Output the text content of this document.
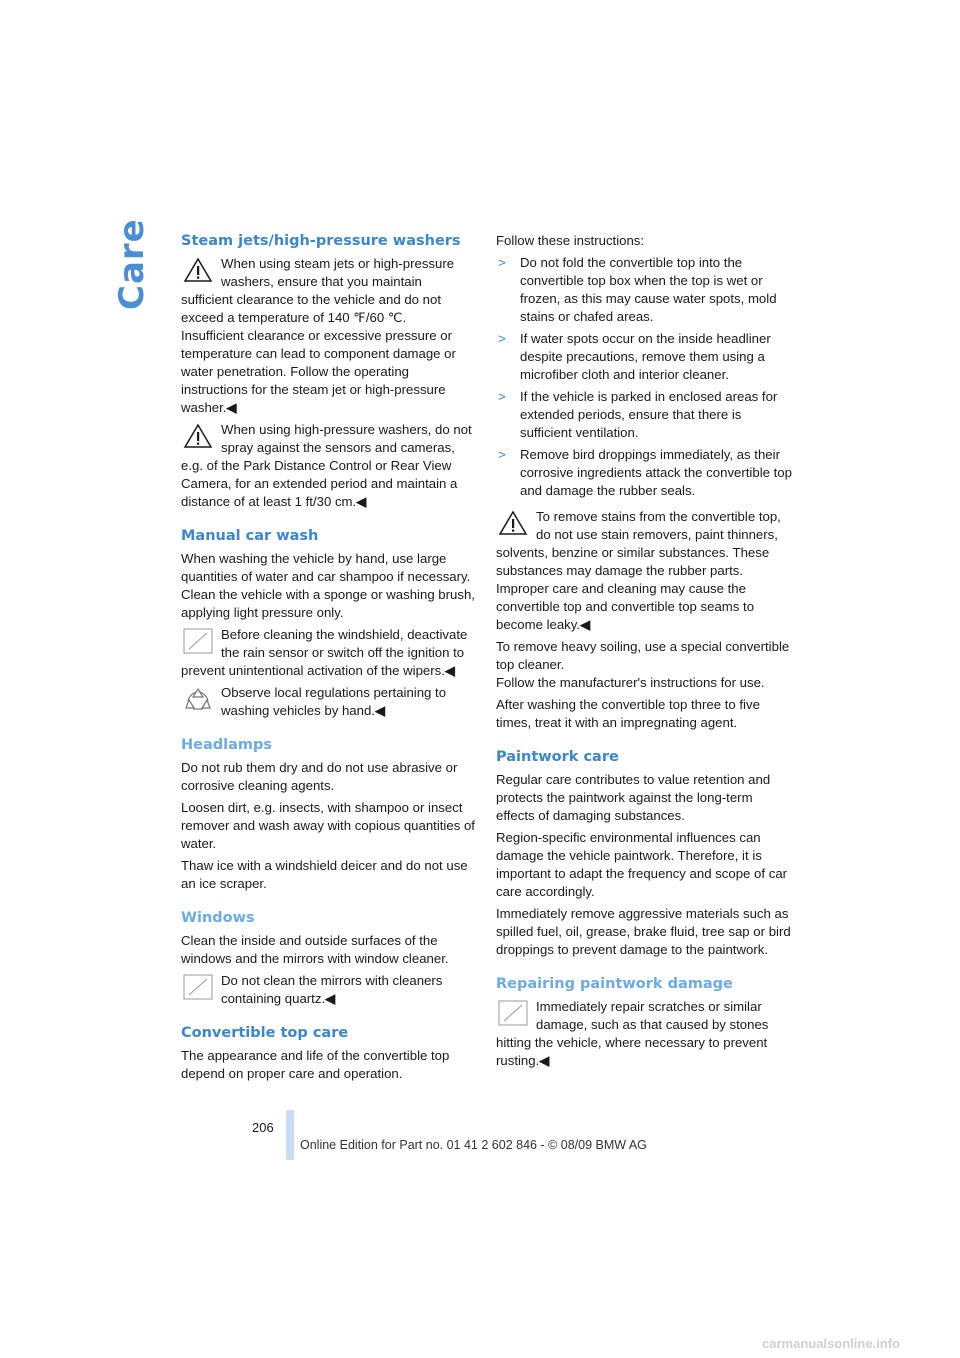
Care Steam jets/high-pressure washers
When using steam jets or high-pressure washers, ensure that you maintain sufficient clearance to the vehicle and do not exceed a temperature of 140 ℉/60 ℃.
Insufficient clearance or excessive pressure or temperature can lead to component damage or water penetration. Follow the operating instructions for the steam jet or high-pressure washer.◀
When using high-pressure washers, do not spray against the sensors and cameras, e.g. of the Park Distance Control or Rear View Camera, for an extended period and maintain a distance of at least 1 ft/30 cm.◀
Manual car wash

When washing the vehicle by hand, use large quantities of water and car shampoo if necessary. Clean the vehicle with a sponge or washing brush, applying light pressure only.

Before cleaning the windshield, deactivate the rain sensor or switch off the ignition to prevent unintentional activation of the wipers.◀
Observe local regulations pertaining to washing vehicles by hand.◀
Headlamps

Do not rub them dry and do not use abrasive or corrosive cleaning agents.

Loosen dirt, e.g. insects, with shampoo or insect remover and wash away with copious quantities of water.

Thaw ice with a windshield deicer and do not use an ice scraper.

Windows

Clean the inside and outside surfaces of the windows and the mirrors with window cleaner.

Do not clean the mirrors with cleaners containing quartz.◀
Convertible top care

The appearance and life of the convertible top depend on proper care and operation.

Follow these instructions:

> Do not fold the convertible top into the convertible top box when the top is wet or frozen, as this may cause water spots, mold stains or chafed areas.
> If water spots occur on the inside headliner despite precautions, remove them using a microfiber cloth and interior cleaner.
> If the vehicle is parked in enclosed areas for extended periods, ensure that there is sufficient ventilation.
> Remove bird droppings immediately, as their corrosive ingredients attack the convertible top and damage the rubber seals.
To remove stains from the convertible top, do not use stain removers, paint thinners, solvents, benzine or similar substances. These substances may damage the rubber parts. Improper care and cleaning may cause the convertible top and convertible top seams to become leaky.◀

To remove heavy soiling, use a special convertible top cleaner.

Follow the manufacturer's instructions for use.

After washing the convertible top three to five times, treat it with an impregnating agent.

Paintwork care

Regular care contributes to value retention and protects the paintwork against the long-term effects of damaging substances.

Region-specific environmental influences can damage the vehicle paintwork. Therefore, it is important to adapt the frequency and scope of car care accordingly.

Immediately remove aggressive materials such as spilled fuel, oil, grease, brake fluid, tree sap or bird droppings to prevent damage to the paintwork.

Repairing paintwork damage
Immediately repair scratches or similar damage, such as that caused by stones hitting the vehicle, where necessary to prevent rusting.◀
206
Online Edition for Part no. 01 41 2 602 846 - © 08/09 BMW AG
carmanualsonline.info
